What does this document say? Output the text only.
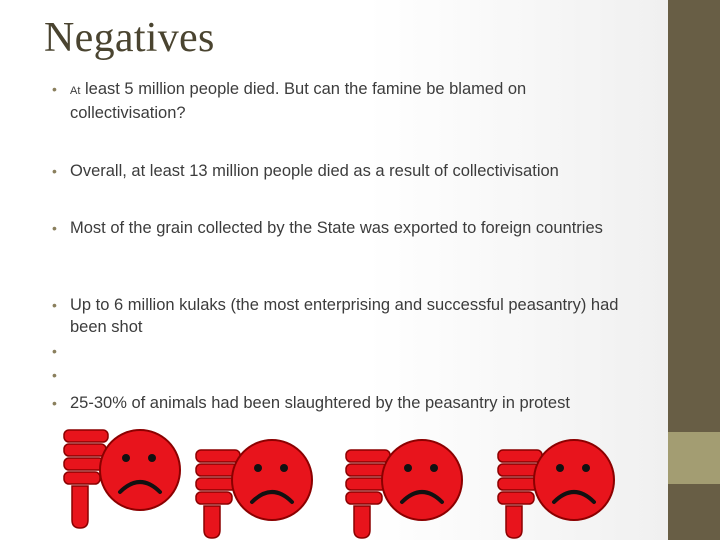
Negatives
• At least 5 million people died. But can the famine be blamed on collectivisation?
• Overall, at least 13 million people died as a result of collectivisation
• Most of the grain collected by the State was exported to foreign countries
• Up to 6 million kulaks (the most enterprising and successful peasantry) had been shot
•
•
• 25-30% of animals had been slaughtered by the peasantry in protest
